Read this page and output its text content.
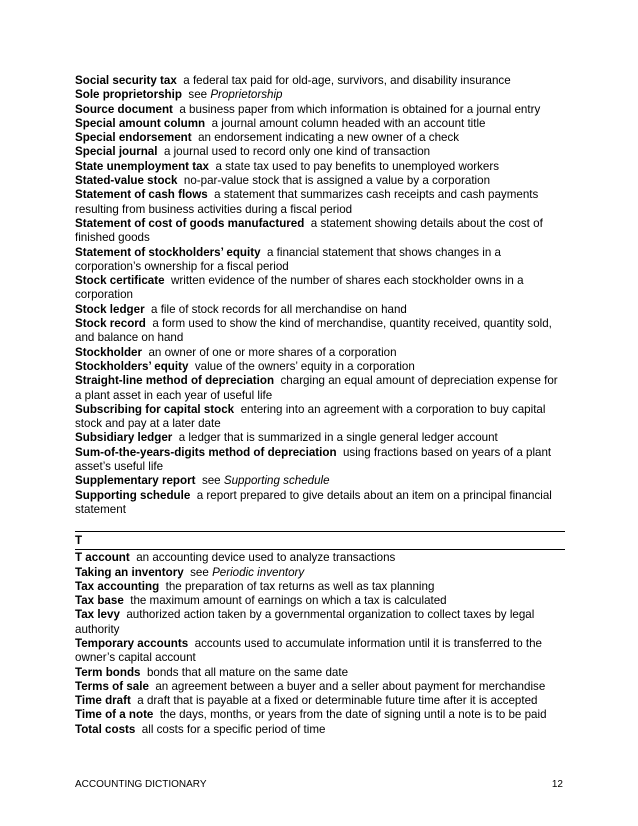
Social security tax a federal tax paid for old-age, survivors, and disability insurance

Sole proprietorship see Proprietorship

Source document a business paper from which information is obtained for a journal entry

Special amount column a journal amount column headed with an account title

Special endorsement an endorsement indicating a new owner of a check

Special journal a journal used to record only one kind of transaction

State unemployment tax a state tax used to pay benefits to unemployed workers

Stated-value stock no-par-value stock that is assigned a value by a corporation

Statement of cash flows a statement that summarizes cash receipts and cash payments resulting from business activities during a fiscal period

Statement of cost of goods manufactured a statement showing details about the cost of finished goods

Statement of stockholders’ equity a financial statement that shows changes in a corporation’s ownership for a fiscal period

Stock certificate written evidence of the number of shares each stockholder owns in a corporation

Stock ledger a file of stock records for all merchandise on hand

Stock record a form used to show the kind of merchandise, quantity received, quantity sold, and balance on hand

Stockholder an owner of one or more shares of a corporation

Stockholders’ equity value of the owners’ equity in a corporation

Straight-line method of depreciation charging an equal amount of depreciation expense for a plant asset in each year of useful life

Subscribing for capital stock entering into an agreement with a corporation to buy capital stock and pay at a later date

Subsidiary ledger a ledger that is summarized in a single general ledger account

Sum-of-the-years-digits method of depreciation using fractions based on years of a plant asset’s useful life

Supplementary report see Supporting schedule

Supporting schedule a report prepared to give details about an item on a principal financial statement

T

T account an accounting device used to analyze transactions

Taking an inventory see Periodic inventory

Tax accounting the preparation of tax returns as well as tax planning

Tax base the maximum amount of earnings on which a tax is calculated

Tax levy authorized action taken by a governmental organization to collect taxes by legal authority

Temporary accounts accounts used to accumulate information until it is transferred to the owner’s capital account

Term bonds bonds that all mature on the same date

Terms of sale an agreement between a buyer and a seller about payment for merchandise

Time draft a draft that is payable at a fixed or determinable future time after it is accepted

Time of a note the days, months, or years from the date of signing until a note is to be paid

Total costs all costs for a specific period of time

ACCOUNTING DICTIONARY	12
